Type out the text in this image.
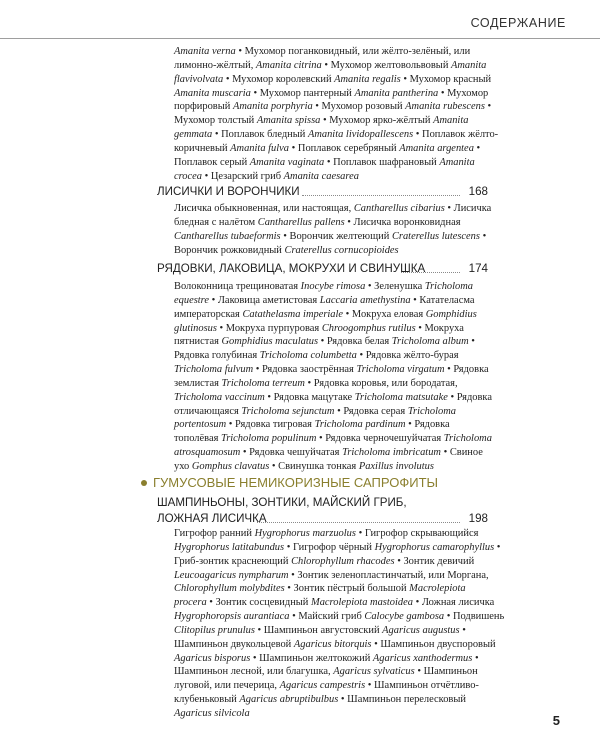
СОДЕРЖАНИЕ
Amanita verna • Мухомор поганковидный, или жёлто-зелёный, или
лимонно-жёлтый, Amanita citrina • Мухомор желтовольвовый Amanita
flavivolvata • Мухомор королевский Amanita regalis • Мухомор красный
Amanita muscaria • Мухомор пантерный Amanita pantherina • Мухомор
порфировый Amanita porphyria • Мухомор розовый Amanita rubescens •
Мухомор толстый Amanita spissa • Мухомор ярко-жёлтый Amanita
gemmata • Поплавок бледный Amanita lividopallescens • Поплавок жёлто-
коричневый Amanita fulva • Поплавок серебряный Amanita argentea •
Поплавок серый Amanita vaginata • Поплавок шафрановый Amanita
crocea • Цезарский гриб Amanita caesarea
ЛИСИЧКИ И ВОРОНЧИКИ	168
Лисичка обыкновенная, или настоящая, Cantharellus cibarius • Лисичка
бледная с налётом Cantharellus pallens • Лисичка воронковидная
Cantharellus tubaeformis • Ворончик желтеющий Craterellus lutescens •
Ворончик рожковидный Craterellus cornucopioides
РЯДОВКИ, ЛАКОВИЦА, МОКРУХИ И СВИНУШКА	174
Волоконница трещиноватая Inocybe rimosa • Зеленушка Tricholoma
equestre • Лаковица аметистовая Laccaria amethystina • Катателасма
императорская Catathelasma imperiale • Мокруха еловая Gomphidius
glutinosus • Мокруха пурпуровая Chroogomphus rutilus • Мокруха
пятнистая Gomphidius maculatus • Рядовка белая Tricholoma album •
Рядовка голубиная Tricholoma columbetta • Рядовка жёлто-бурая
Tricholoma fulvum • Рядовка заострённая Tricholoma virgatum • Рядовка
землистая Tricholoma terreum • Рядовка коровья, или бородатая,
Tricholoma vaccinum • Рядовка мацутаке Tricholoma matsutake • Рядовка
отличающаяся Tricholoma sejunctum • Рядовка серая Tricholoma
portentosum • Рядовка тигровая Tricholoma pardinum • Рядовка
тополёвая Tricholoma populinum • Рядовка черночешуйчатая Tricholoma
atrosquamosum • Рядовка чешуйчатая Tricholoma imbricatum • Свиное
ухо Gomphus clavatus • Свинушка тонкая Paxillus involutus
ГУМУСОВЫЕ НЕМИКОРИЗНЫЕ САПРОФИТЫ
ШАМПИНЬОНЫ, ЗОНТИКИ, МАЙСКИЙ ГРИБ,
ЛОЖНАЯ ЛИСИЧКА	198
Гигрофор ранний Hygrophorus marzuolus • Гигрофор скрывающийся
Hygrophorus latitabundus • Гигрофор чёрный Hygrophorus camarophyllus •
Гриб-зонтик краснеющий Chlorophyllum rhacodes • Зонтик девичий
Leucoagaricus nympharum • Зонтик зеленопластинчатый, или Моргана,
Chlorophyllum molybdites • Зонтик пёстрый большой Macrolepiota
procera • Зонтик сосцевидный Macrolepiota mastoidea • Ложная лисичка
Hygrophoropsis aurantiaca • Майский гриб Calocybe gambosa • Подвишень
Clitopilus prunulus • Шампиньон августовский Agaricus augustus •
Шампиньон двукольцевой Agaricus bitorquis • Шампиньон двуспоровый
Agaricus bisporus • Шампиньон желтокожий Agaricus xanthodermus •
Шампиньон лесной, или благушка, Agaricus sylvaticus • Шампиньон
луговой, или печерица, Agaricus campestris • Шампиньон отчётливо-
клубеньковый Agaricus abruptibulbus • Шампиньон перелесковый
Agaricus silvicola	5
